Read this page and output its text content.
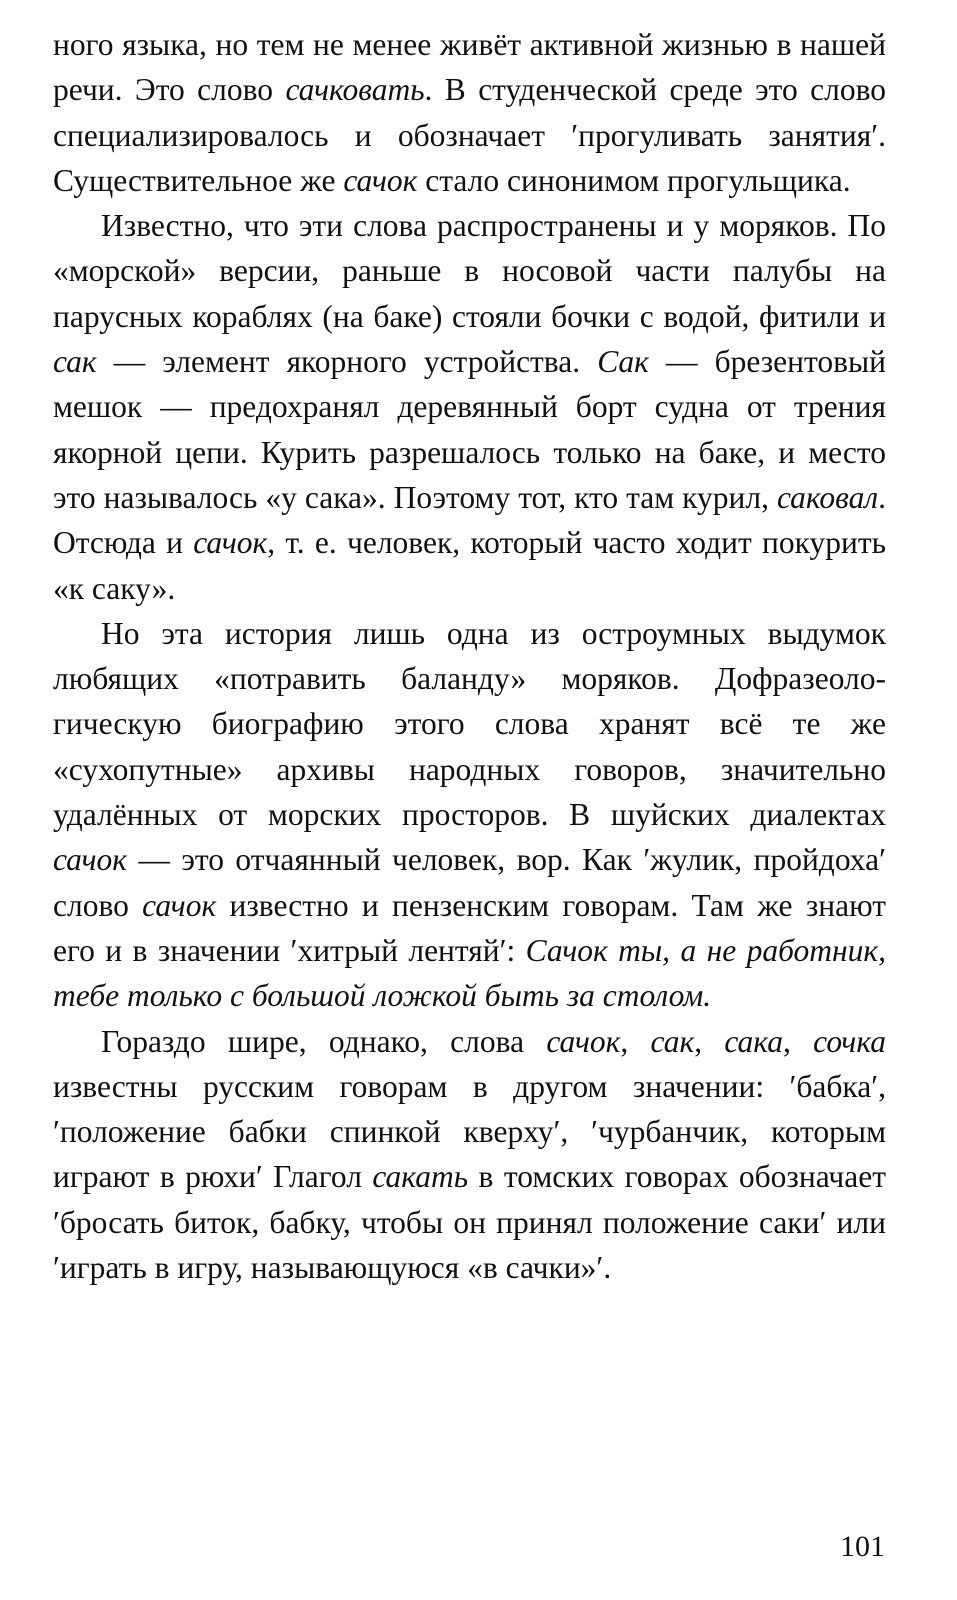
ного языка, но тем не менее живёт активной жизнью в нашей речи. Это слово сачковать. В студенческой среде это слово специализировалось и обозначает ′прогуливать занятия′. Существительное же сачок стало синонимом прогульщика.

Известно, что эти слова распространены и у моряков. По «морской» версии, раньше в носовой части палубы на парусных кораблях (на баке) стояли бочки с водой, фитили и сак — элемент якорного устройства. Сак — брезентовый мешок — предохранял деревянный борт судна от трения якорной цепи. Курить разрешалось только на баке, и место это называлось «у сака». Поэтому тот, кто там курил, саковал. Отсюда и сачок, т. е. человек, который часто ходит покурить «к саку».

Но эта история лишь одна из остроумных выдумок любящих «потравить баланду» моряков. Дофразеологическую биографию этого слова хранят всё те же «сухопутные» архивы народных говоров, значительно удалённых от морских просторов. В шуйских диалектах сачок — это отчаянный человек, вор. Как ′жулик, пройдоха′ слово сачок известно и пензенским говорам. Там же знают его и в значении ′хитрый лентяй′: Сачок ты, а не работник, тебе только с большой ложкой быть за столом.

Гораздо шире, однако, слова сачок, сак, сака, сочка известны русским говорам в другом значении: ′бабка′, ′положение бабки спинкой кверху′, ′чурбанчик, которым играют в рюхи′ Глагол сакать в томских говорах обозначает ′бросать биток, бабку, чтобы он принял положение саки′ или ′играть в игру, называющуюся «в сачки»′.

101
